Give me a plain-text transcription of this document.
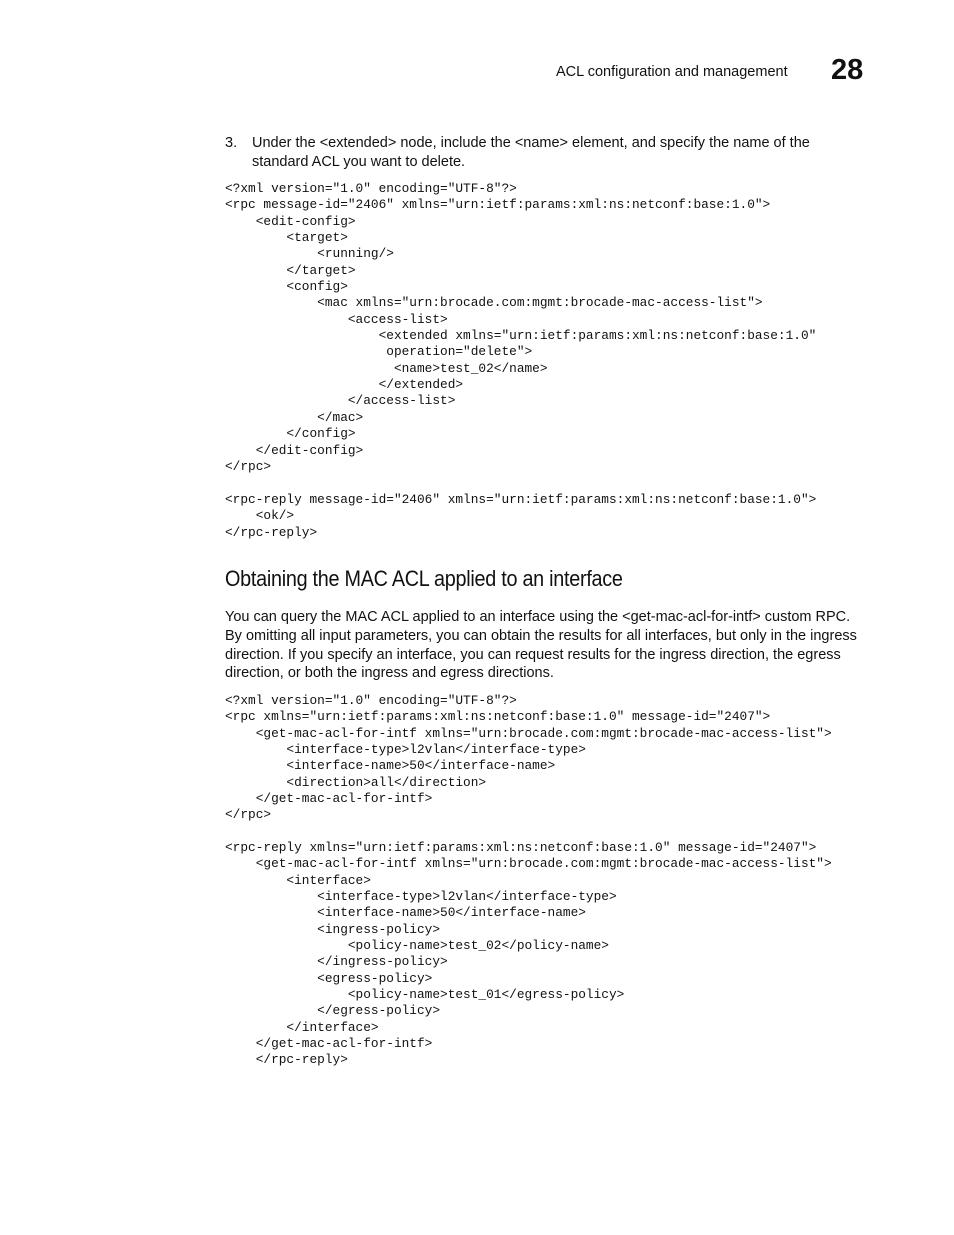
ACL configuration and management 28
3. Under the <extended> node, include the <name> element, and specify the name of the standard ACL you want to delete.
<?xml version="1.0" encoding="UTF-8"?>
<rpc message-id="2406" xmlns="urn:ietf:params:xml:ns:netconf:base:1.0">
<edit-config>
<target>
<running/>
</target>
<config>
<mac xmlns="urn:brocade.com:mgmt:brocade-mac-access-list">
<access-list>
<extended xmlns="urn:ietf:params:xml:ns:netconf:base:1.0"
operation="delete">
<name>test_02</name>
</extended>
</access-list>
</mac>
</config>
</edit-config>
</rpc>
<rpc-reply message-id="2406" xmlns="urn:ietf:params:xml:ns:netconf:base:1.0">
<ok/>
</rpc-reply>
Obtaining the MAC ACL applied to an interface

You can query the MAC ACL applied to an interface using the <get-mac-acl-for-intf> custom RPC. By omitting all input parameters, you can obtain the results for all interfaces, but only in the ingress direction. If you specify an interface, you can request results for the ingress direction, the egress direction, or both the ingress and egress directions.

<?xml version="1.0" encoding="UTF-8"?>
<rpc xmlns="urn:ietf:params:xml:ns:netconf:base:1.0" message-id="2407">
<get-mac-acl-for-intf xmlns="urn:brocade.com:mgmt:brocade-mac-access-list">
<interface-type>l2vlan</interface-type>
<interface-name>50</interface-name>
<direction>all</direction>
</get-mac-acl-for-intf>
</rpc>
<rpc-reply xmlns="urn:ietf:params:xml:ns:netconf:base:1.0" message-id="2407">
<get-mac-acl-for-intf xmlns="urn:brocade.com:mgmt:brocade-mac-access-list">
<interface>
<interface-type>l2vlan</interface-type>
<interface-name>50</interface-name>
<ingress-policy>
<policy-name>test_02</policy-name>
</ingress-policy>
<egress-policy>
<policy-name>test_01</egress-policy>
</egress-policy>
</interface>
</get-mac-acl-for-intf>
</rpc-reply>
